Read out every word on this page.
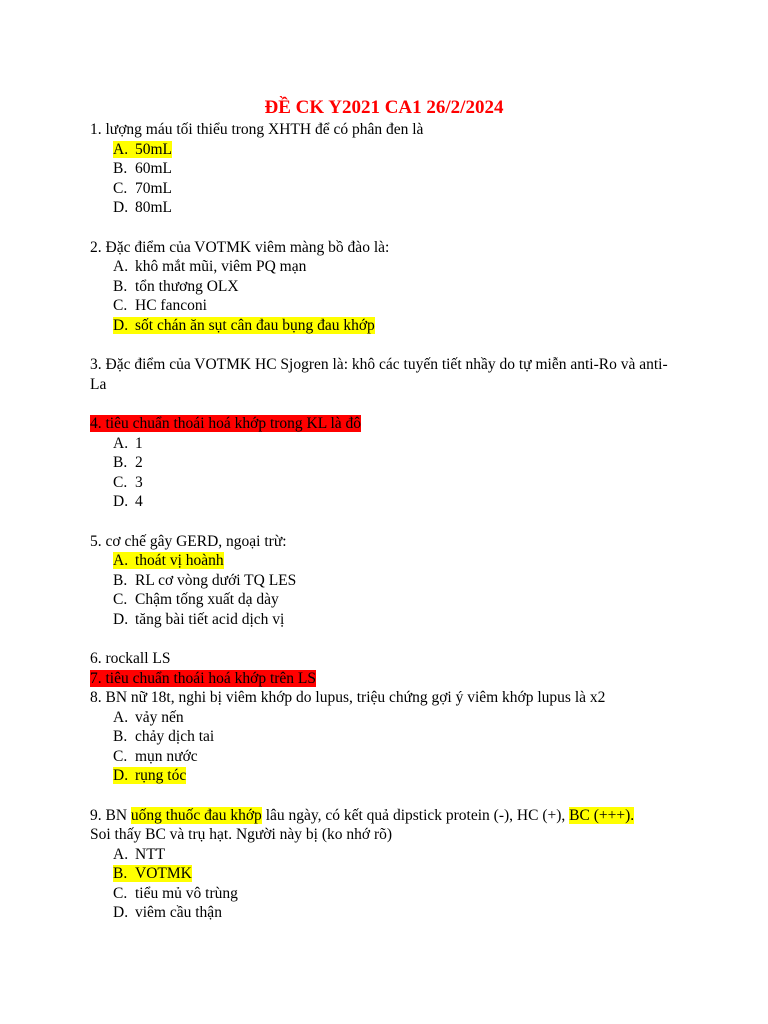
ĐỀ CK Y2021 CA1 26/2/2024

1. lượng máu tối thiểu trong XHTH để có phân đen là

A. 50mL
B. 60mL
C. 70mL
D. 80mL

2. Đặc điểm của VOTMK viêm màng bồ đào là:

A. khô mắt mũi, viêm PQ mạn
B. tổn thương OLX
C. HC fanconi
D. sốt chán ăn sụt cân đau bụng đau khớp

3. Đặc điểm của VOTMK HC Sjogren là: khô các tuyến tiết nhầy do tự miễn anti-Ro và anti-La

4. tiêu chuẩn thoái hoá khớp trong KL là đô

A. 1
B. 2
C. 3
D. 4

5. cơ chế gây GERD, ngoại trừ:

A. thoát vị hoành
B. RL cơ vòng dưới TQ LES
C. Chậm tống xuất dạ dày
D. tăng bài tiết acid dịch vị

6. rockall LS

7. tiêu chuẩn thoái hoá khớp trên LS

8. BN nữ 18t, nghi bị viêm khớp do lupus, triệu chứng gợi ý viêm khớp lupus là x2

A. vảy nến
B. chảy dịch tai
C. mụn nước
D. rụng tóc

9. BN uống thuốc đau khớp lâu ngày, có kết quả dipstick protein (-), HC (+), BC (+++).

Soi thấy BC và trụ hạt. Người này bị (ko nhớ rõ)

A. NTT
B. VOTMK
C. tiểu mủ vô trùng
D. viêm cầu thận
